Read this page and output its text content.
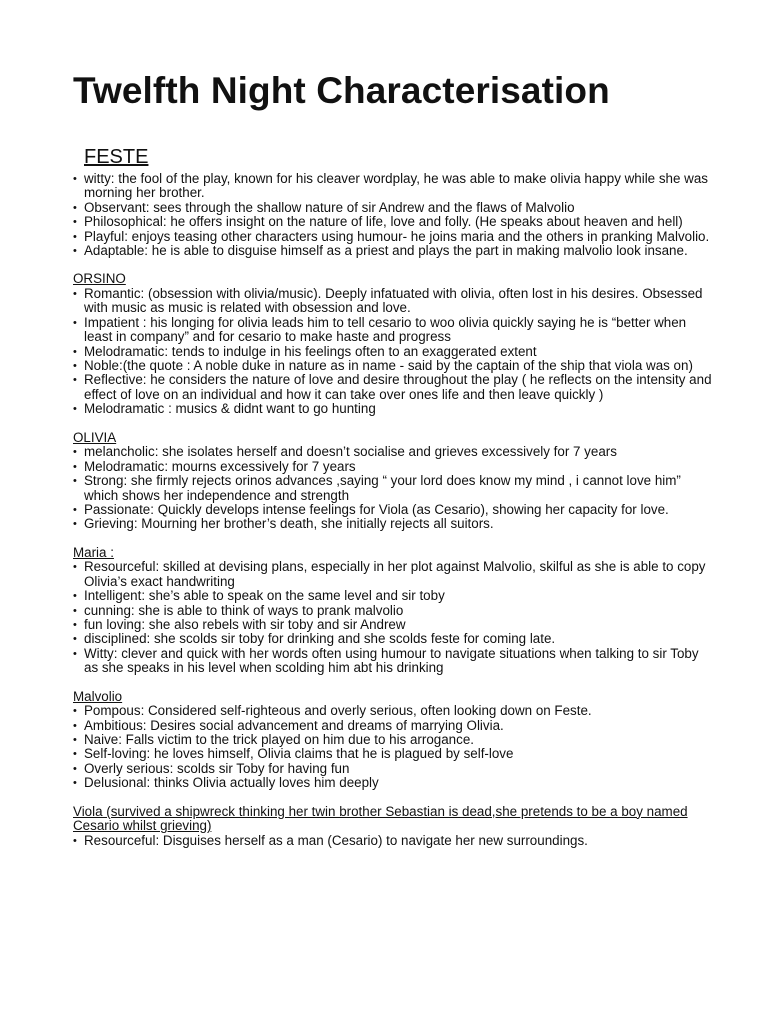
Twelfth Night Characterisation
FESTE
• witty: the fool of the play, known for his cleaver wordplay, he was able to make olivia happy while she was morning her brother.
• Observant: sees through the shallow nature of sir Andrew and the flaws of Malvolio
• Philosophical: he offers insight on the nature of life, love and folly. (He speaks about heaven and hell)
• Playful: enjoys teasing other characters using humour- he joins maria and the others in pranking Malvolio.
• Adaptable: he is able to disguise himself as a priest and plays the part in making malvolio look insane.
ORSINO
• Romantic: (obsession with olivia/music). Deeply infatuated with olivia, often lost in his desires. Obsessed with music as music is related with obsession and love.
• Impatient : his longing for olivia leads him to tell cesario to woo olivia quickly saying he is “better when least in company” and for cesario to make haste and progress
• Melodramatic: tends to indulge in his feelings often to an exaggerated extent
• Noble:(the quote : A noble duke in nature as in name - said by the captain of the ship that viola was on)
• Reflective: he considers the nature of love and desire throughout the play ( he reflects on the intensity and effect of love on an individual and how it can take over ones life and then leave quickly )
• Melodramatic : musics & didnt want to go hunting
OLIVIA
• melancholic: she isolates herself and doesn’t socialise and grieves excessively for 7 years
• Melodramatic: mourns excessively for 7 years
• Strong: she firmly rejects orinos advances ,saying “ your lord does know my mind , i cannot love him” which shows her independence and strength
• Passionate: Quickly develops intense feelings for Viola (as Cesario), showing her capacity for love.
• Grieving: Mourning her brother’s death, she initially rejects all suitors.
Maria :
• Resourceful: skilled at devising plans, especially in her plot against Malvolio, skilful as she is able to copy Olivia’s exact handwriting
• Intelligent: she’s able to speak on the same level and sir toby
• cunning: she is able to think of ways to prank malvolio
• fun loving: she also rebels with sir toby and sir Andrew
• disciplined: she scolds sir toby for drinking and she scolds feste for coming late.
• Witty: clever and quick with her words often using humour to navigate situations when talking to sir Toby as she speaks in his level when scolding him abt his drinking
Malvolio
• Pompous: Considered self-righteous and overly serious, often looking down on Feste.
• Ambitious: Desires social advancement and dreams of marrying Olivia.
• Naive: Falls victim to the trick played on him due to his arrogance.
• Self-loving: he loves himself, Olivia claims that he is plagued by self-love
• Overly serious: scolds sir Toby for having fun
• Delusional: thinks Olivia actually loves him deeply
Viola (survived a shipwreck thinking her twin brother Sebastian is dead,she pretends to be a boy named Cesario whilst grieving)
• Resourceful: Disguises herself as a man (Cesario) to navigate her new surroundings.
